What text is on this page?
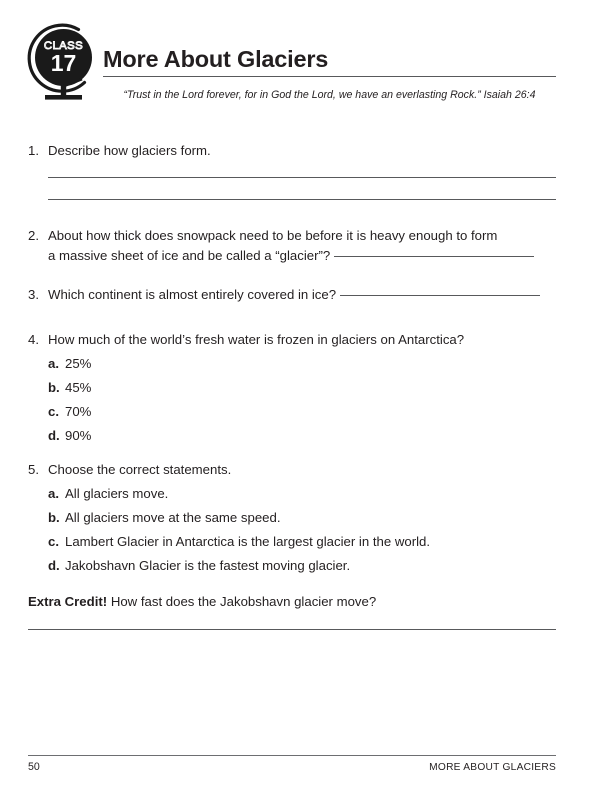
CLASS
17 More About Glaciers
“Trust in the Lord forever, for in God the Lord, we have an everlasting Rock.” Isaiah 26:4
1. Describe how glaciers form.
2. About how thick does snowpack need to be before it is heavy enough to form
a massive sheet of ice and be called a “glacier”?
3. Which continent is almost entirely covered in ice?
4. How much of the world’s fresh water is frozen in glaciers on Antarctica?
a. 25%
b. 45%
c. 70%
d. 90%
5. Choose the correct statements.
a. All glaciers move.
b. All glaciers move at the same speed.
c. Lambert Glacier in Antarctica is the largest glacier in the world.
d. Jakobshavn Glacier is the fastest moving glacier.
Extra Credit! How fast does the Jakobshavn glacier move?
50	MORE ABOUT GLACIERS
